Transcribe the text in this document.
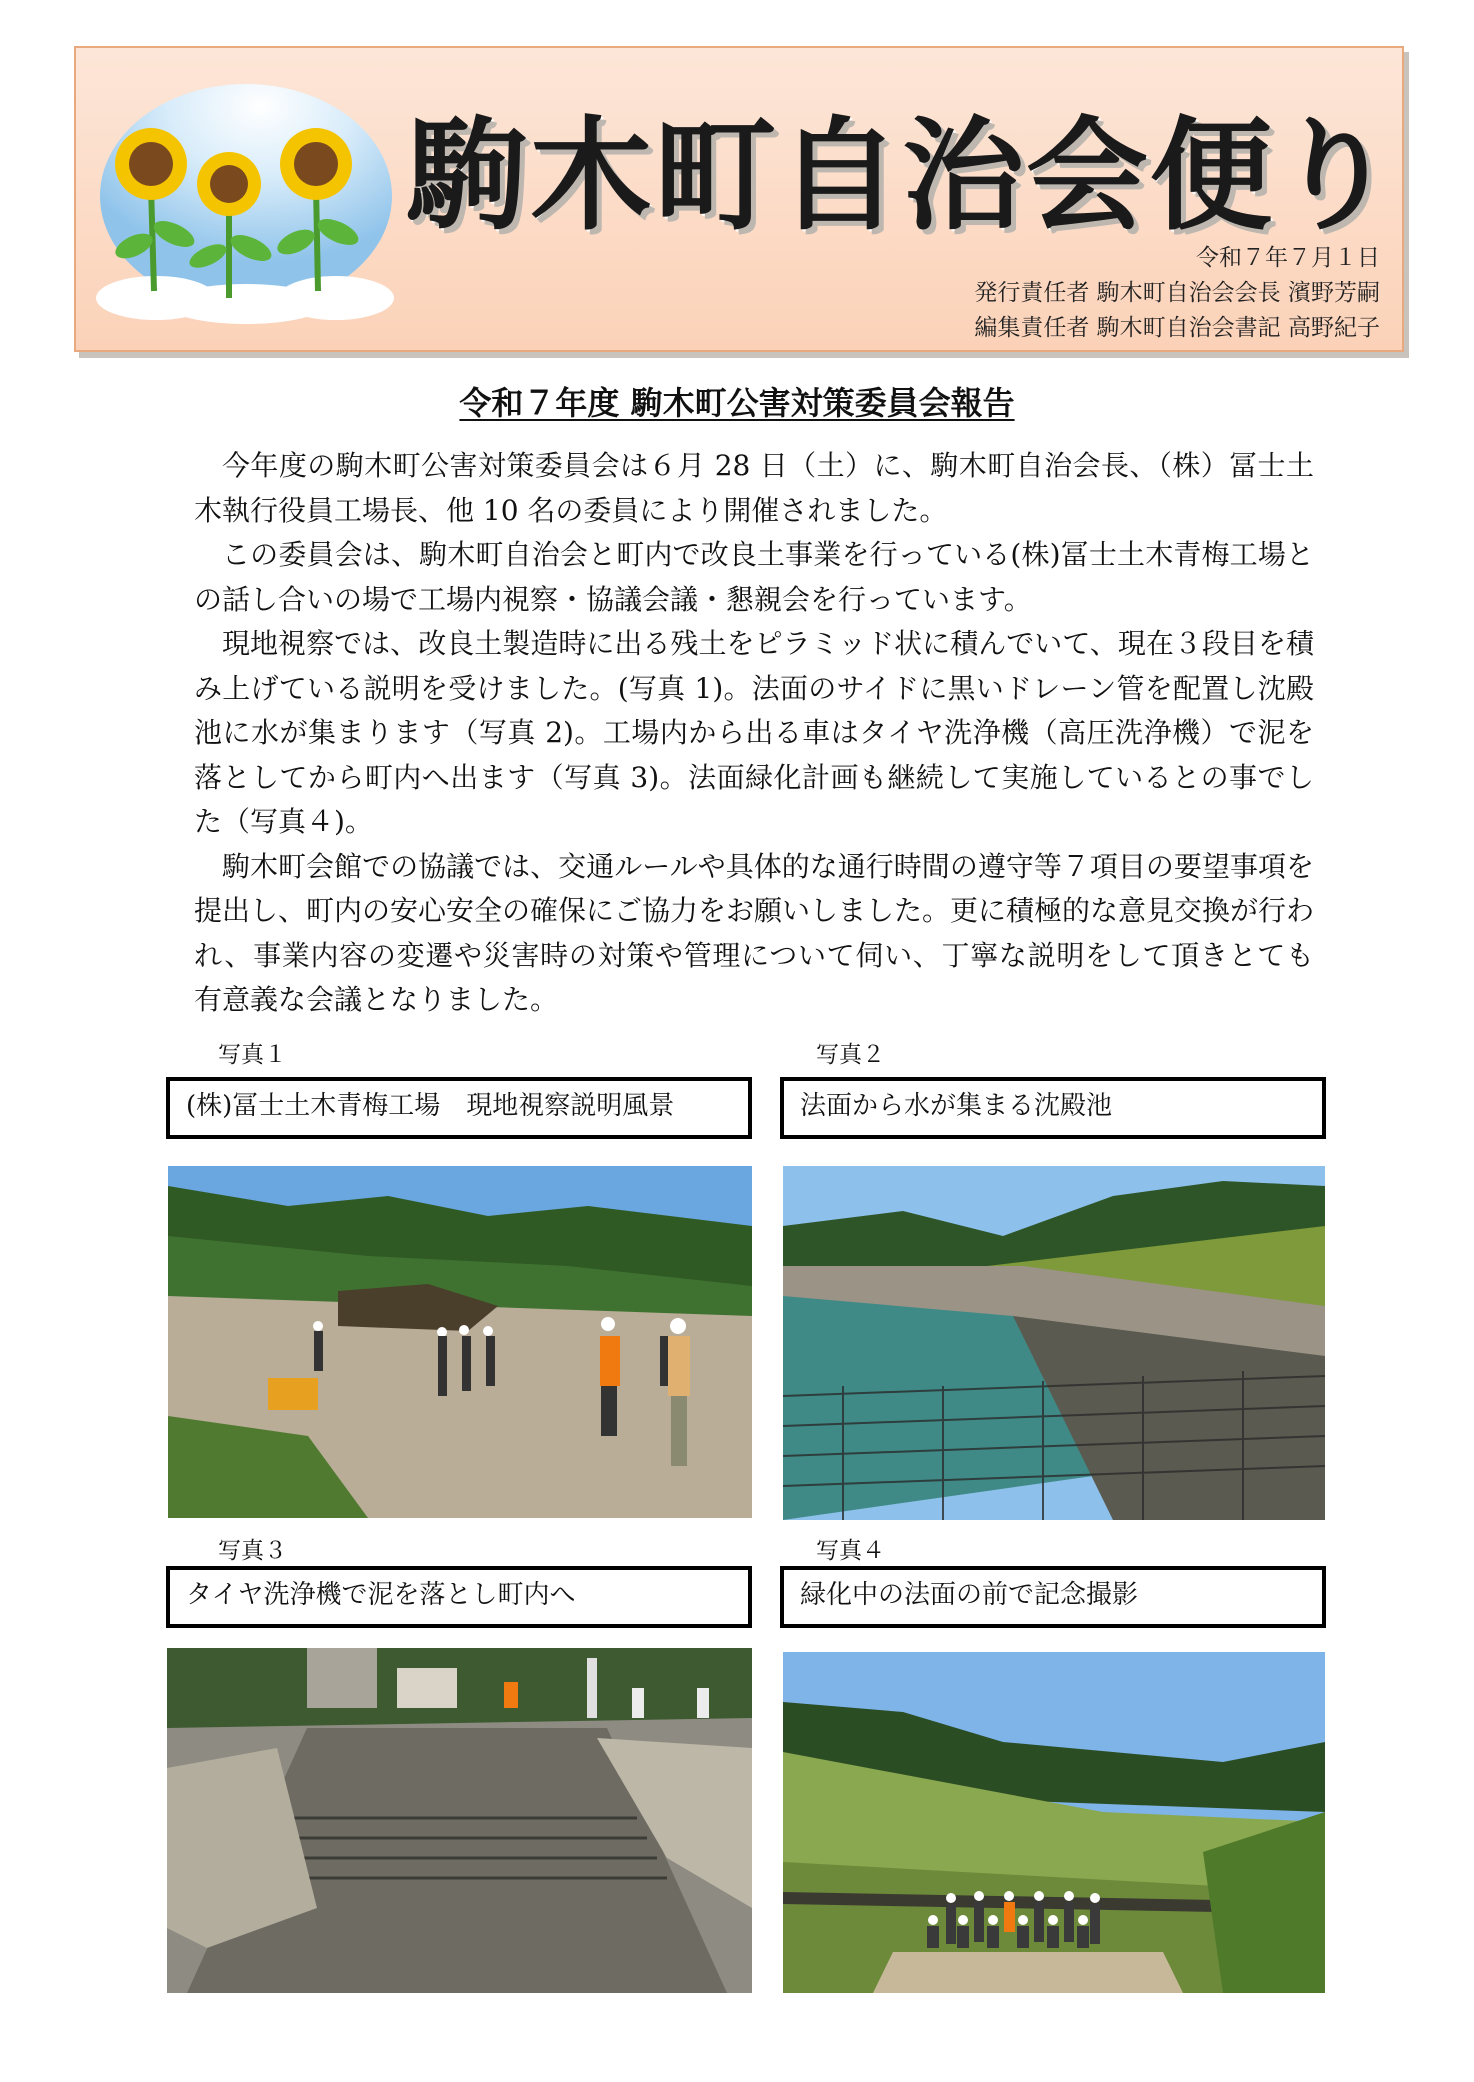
駒木町自治会便り
令和７年７月１日
発行責任者 駒木町自治会会長 濱野芳嗣
編集責任者 駒木町自治会書記 高野紀子
令和７年度 駒木町公害対策委員会報告

今年度の駒木町公害対策委員会は６月 28 日（土）に、駒木町自治会長、（株）冨士土木執行役員工場長、他 10 名の委員により開催されました。

この委員会は、駒木町自治会と町内で改良土事業を行っている(株)冨士土木青梅工場との話し合いの場で工場内視察・協議会議・懇親会を行っています。

現地視察では、改良土製造時に出る残土をピラミッド状に積んでいて、現在３段目を積み上げている説明を受けました。(写真 1)。法面のサイドに黒いドレーン管を配置し沈殿池に水が集まります（写真 2)。工場内から出る車はタイヤ洗浄機（高圧洗浄機）で泥を落としてから町内へ出ます（写真 3)。法面緑化計画も継続して実施しているとの事でした（写真４)。

駒木町会館での協議では、交通ルールや具体的な通行時間の遵守等７項目の要望事項を提出し、町内の安心安全の確保にご協力をお願いしました。更に積極的な意見交換が行われ、事業内容の変遷や災害時の対策や管理について伺い、丁寧な説明をして頂きとても有意義な会議となりました。

写真１
(株)冨士土木青梅工場　現地視察説明風景
写真２
法面から水が集まる沈殿池
写真３
タイヤ洗浄機で泥を落とし町内へ
写真４
緑化中の法面の前で記念撮影
